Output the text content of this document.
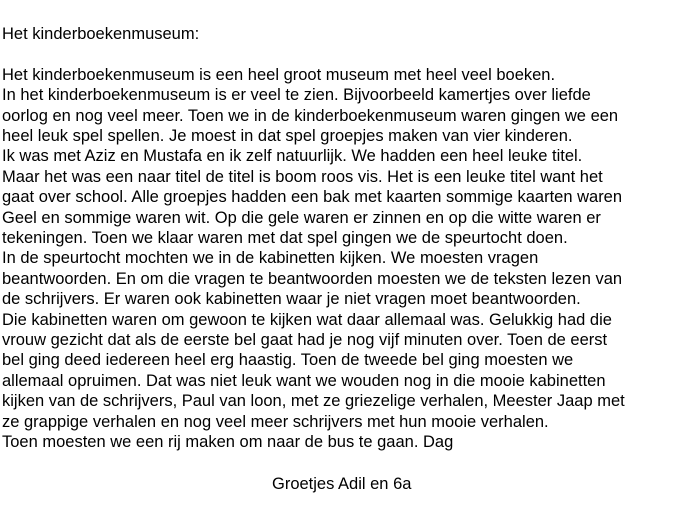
Het kinderboekenmuseum:

Het kinderboekenmuseum is een heel groot museum met heel veel boeken.

In het kinderboekenmuseum is er veel te zien. Bijvoorbeeld kamertjes over liefde

oorlog en nog veel meer. Toen we in de kinderboekenmuseum waren gingen we een

heel leuk spel spellen. Je moest in dat spel groepjes maken van vier kinderen.

Ik was met Aziz en Mustafa en ik zelf natuurlijk. We hadden een heel leuke titel.

Maar het was een naar titel de titel is boom roos vis. Het is een leuke titel want het

gaat over school. Alle groepjes hadden een bak met kaarten sommige kaarten waren

Geel en sommige waren wit. Op die gele waren er zinnen en op die witte waren er

tekeningen. Toen we klaar waren met dat spel gingen we de speurtocht doen.

In de speurtocht mochten we in de kabinetten kijken. We moesten vragen

beantwoorden. En om die vragen te beantwoorden moesten we de teksten lezen van

de schrijvers. Er waren ook kabinetten waar je niet vragen moet beantwoorden.

Die kabinetten waren om gewoon te kijken wat daar allemaal was. Gelukkig had die

vrouw gezicht dat als de eerste bel gaat had je nog vijf minuten over. Toen de eerst

bel ging deed iedereen heel erg haastig. Toen de tweede bel ging moesten we

allemaal opruimen. Dat was niet leuk want we wouden nog in die mooie kabinetten

kijken van de schrijvers, Paul van loon, met ze griezelige verhalen, Meester Jaap met

ze grappige verhalen en nog veel meer schrijvers met hun mooie verhalen.

Toen moesten we een rij maken om naar de bus te gaan. Dag

Groetjes Adil en 6a
